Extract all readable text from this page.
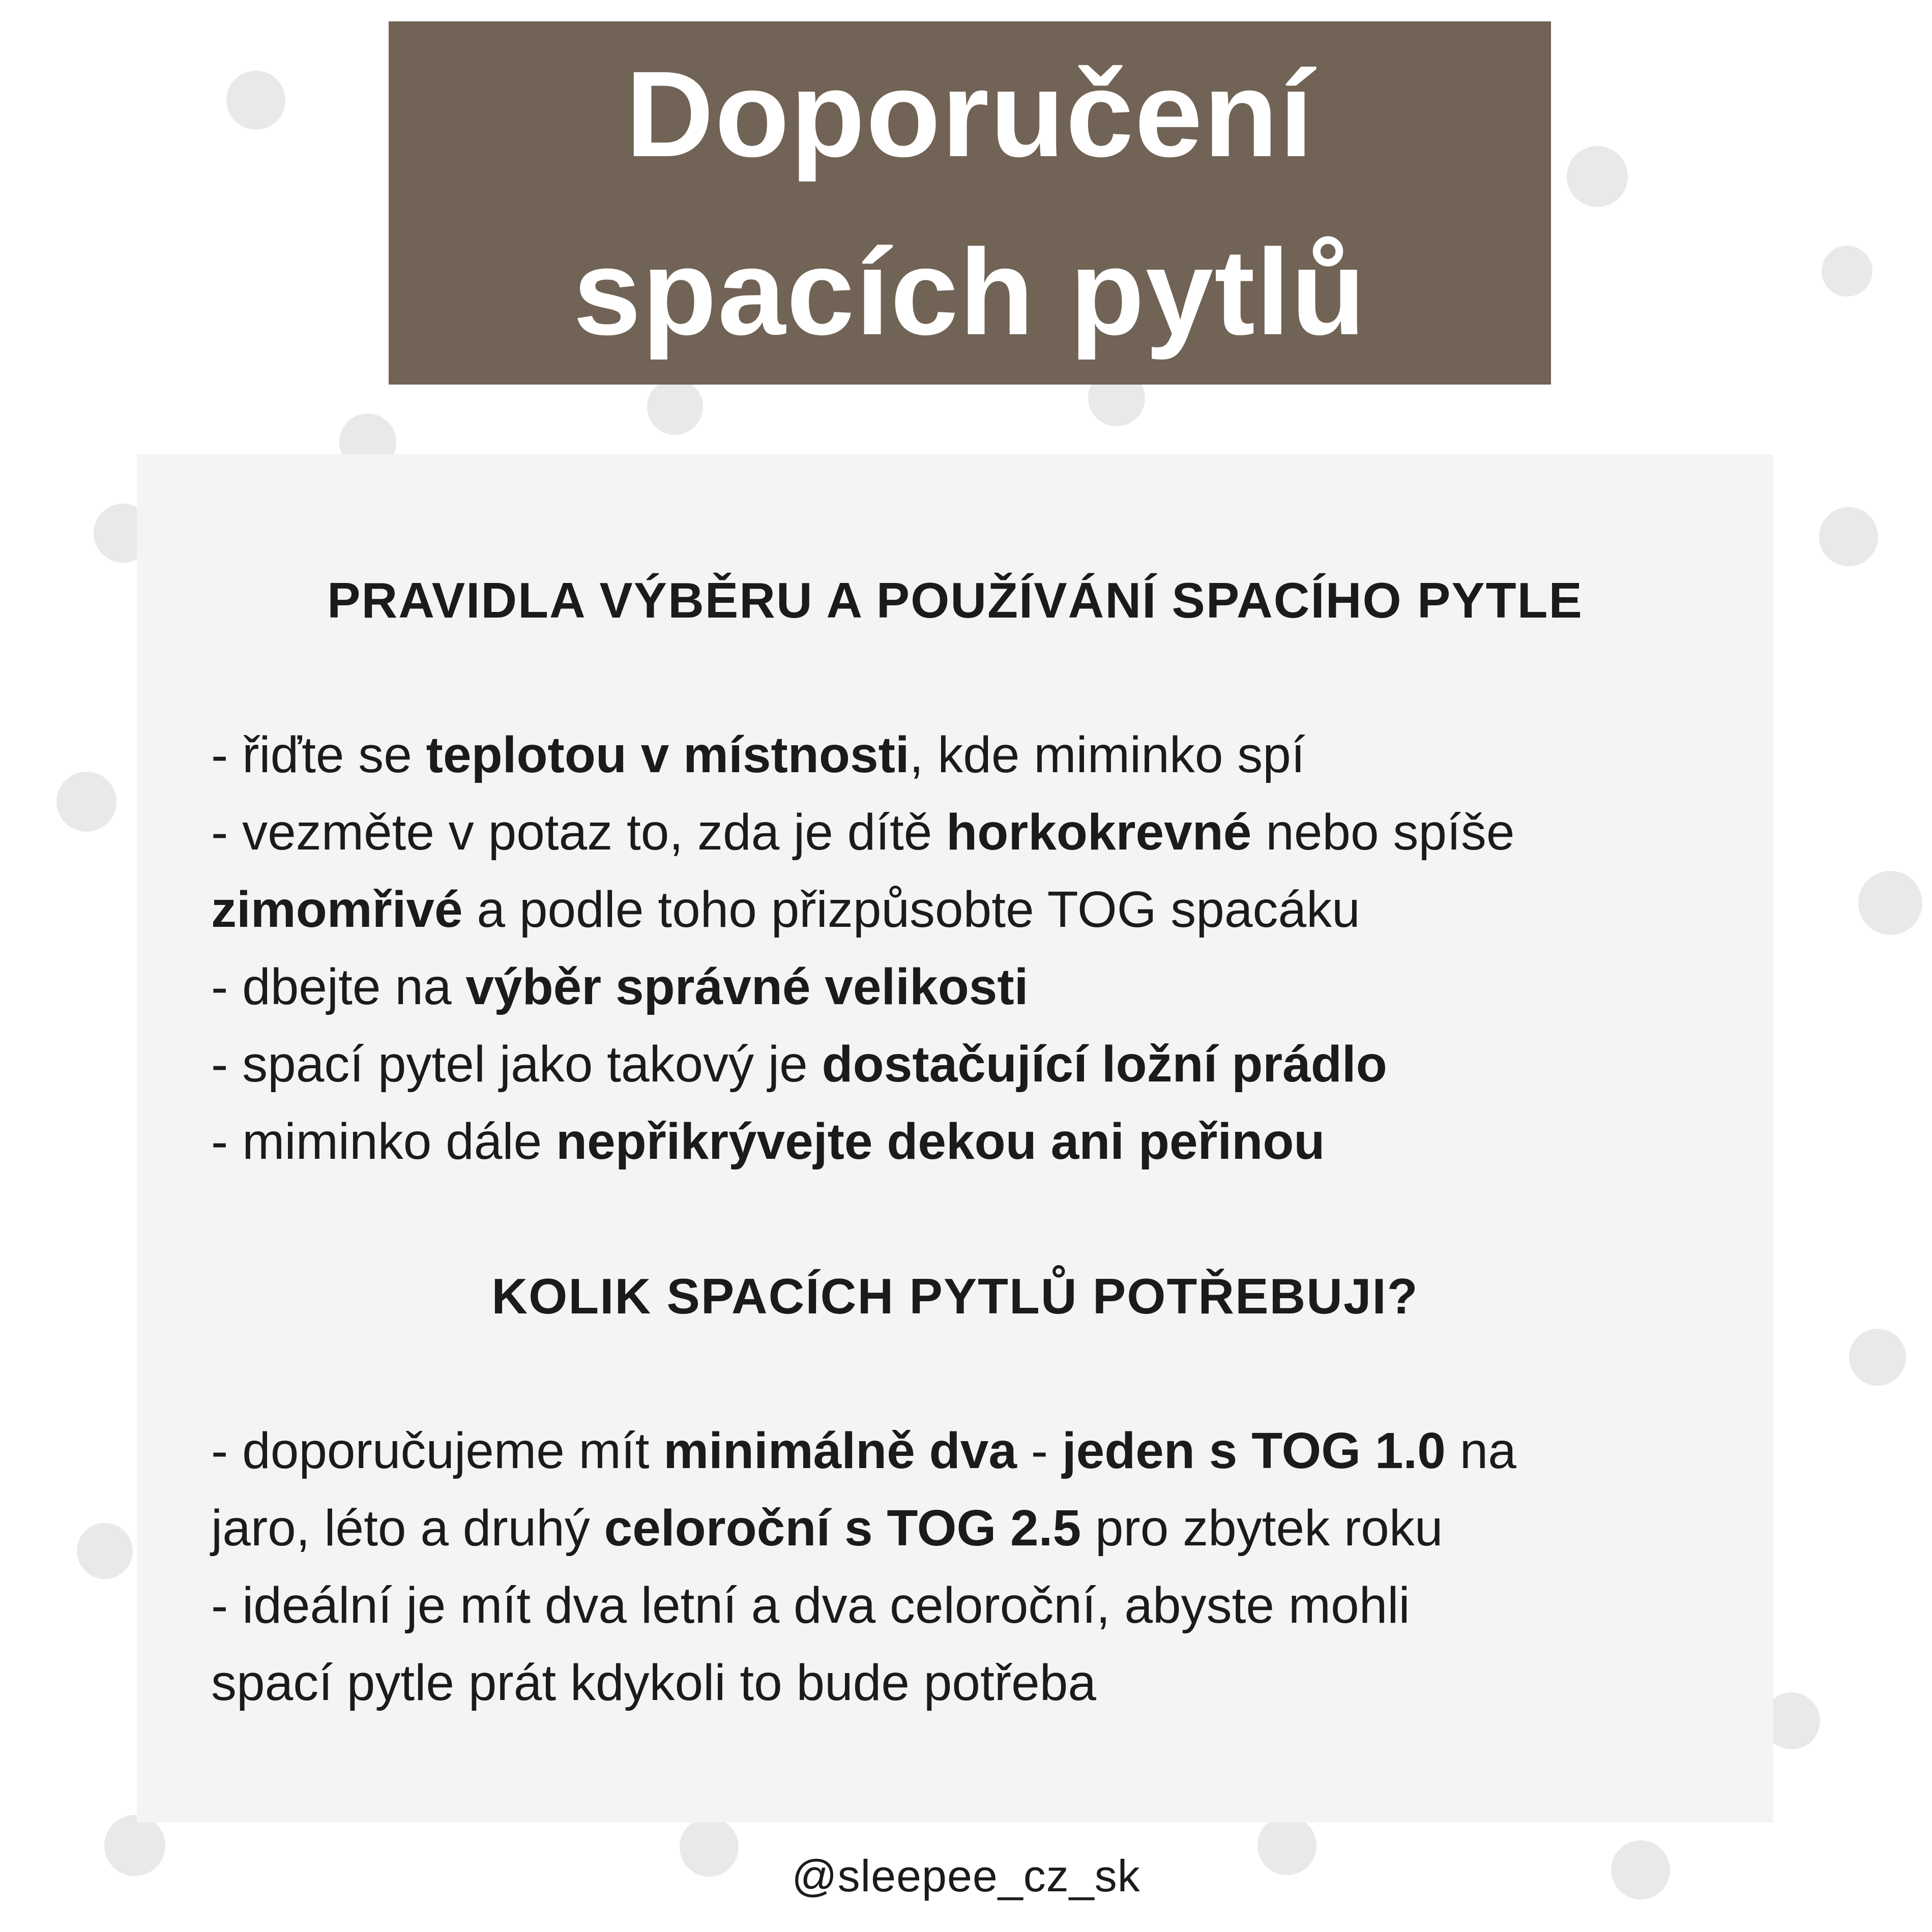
Doporučení
spacích pytlů
PRAVIDLA VÝBĚRU A POUŽÍVÁNÍ SPACÍHO PYTLE
- řiďte se teplotou v místnosti, kde miminko spí
- vezměte v potaz to, zda je dítě horkokrevné nebo spíše
zimomřivé a podle toho přizpůsobte TOG spacáku
- dbejte na výběr správné velikosti
- spací pytel jako takový je dostačující ložní prádlo
- miminko dále nepřikrývejte dekou ani peřinou
KOLIK SPACÍCH PYTLŮ POTŘEBUJI?
- doporučujeme mít minimálně dva - jeden s TOG 1.0 na
jaro, léto a druhý celoroční s TOG 2.5 pro zbytek roku
- ideální je mít dva letní a dva celoroční, abyste mohli
spací pytle prát kdykoli to bude potřeba
@sleepee_cz_sk
